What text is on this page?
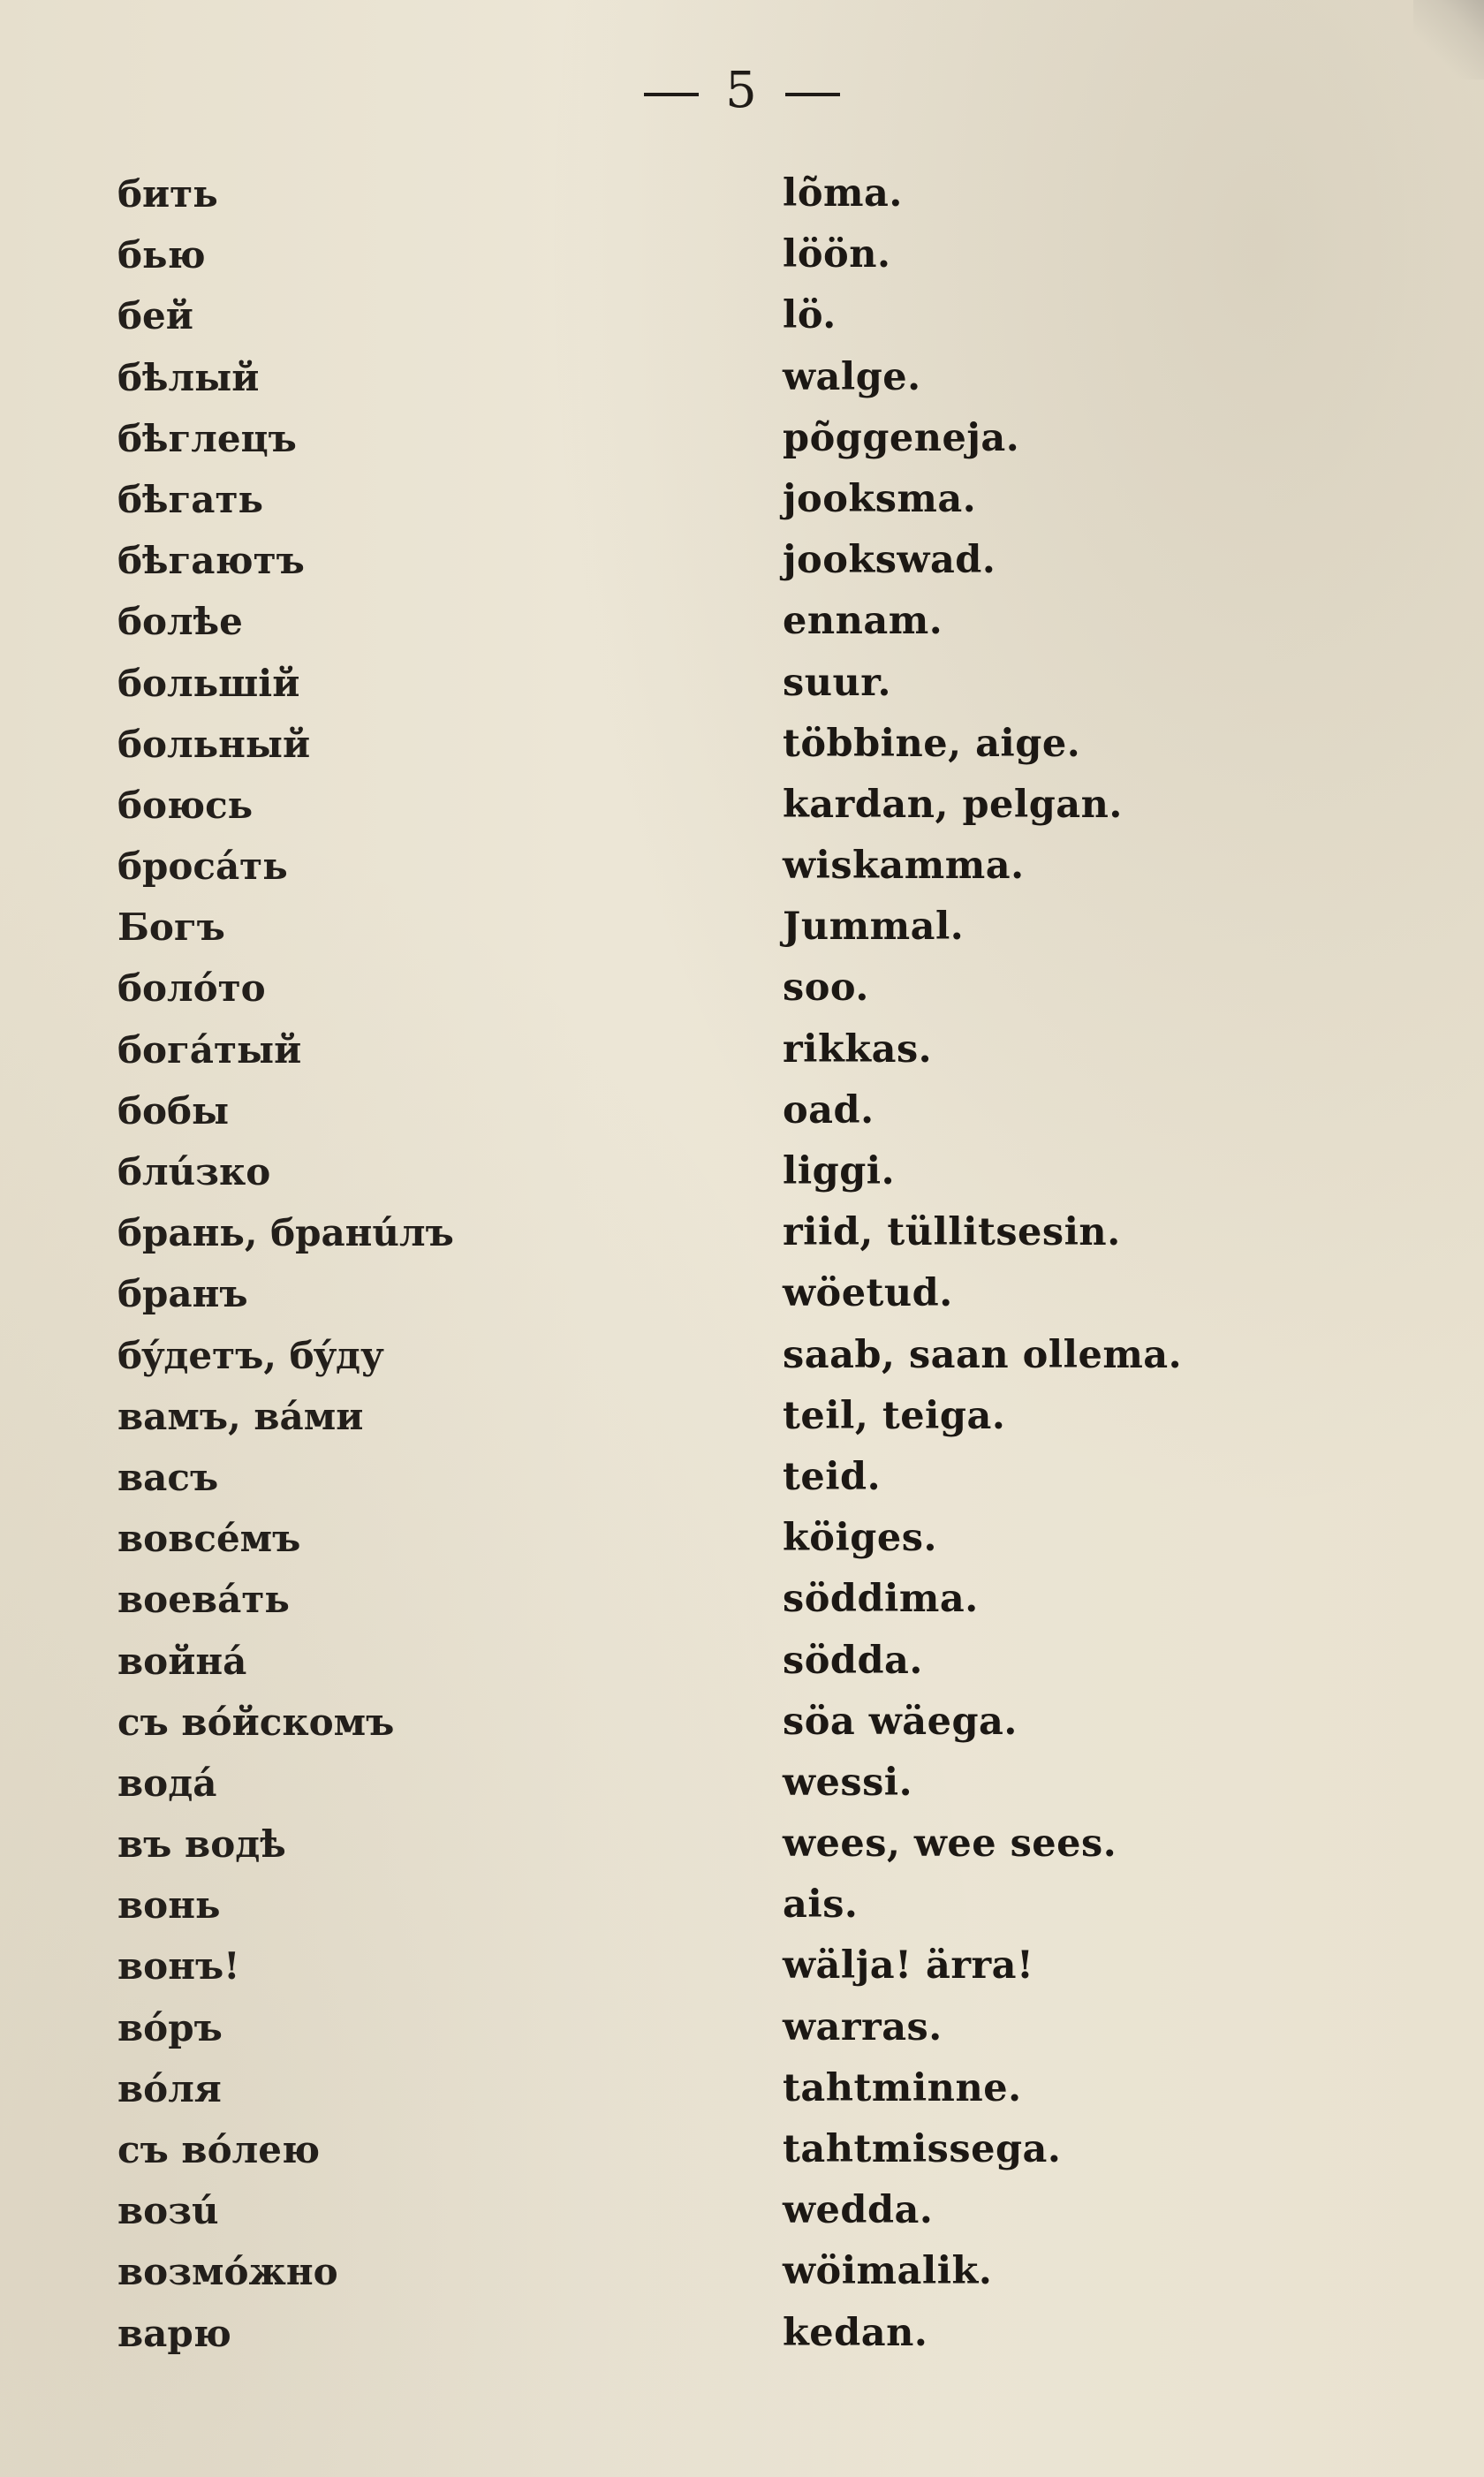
5
бить
бью
бей
бѣлый
бѣглецъ
бѣгать
бѣгаютъ
болѣе
большiй
больный
боюсь
бросáть
Богъ
болóто
богáтый
бобы
блúзко
брань, бранúлъ
бранъ
бýдетъ, бýду
вамъ, вáми
васъ
вовсéмъ
воевáть
войнá
съ вóйскомъ
водá
въ водѣ
вонь
вонъ!
вóръ
вóля
съ вóлею
возú
возмóжно
варю
lõma.
löön.
lö.
walge.
põggeneja.
jooksma.
jookswad.
ennam.
suur.
többine, aige.
kardan, pelgan.
wiskamma.
Jummal.
soo.
rikkas.
oad.
liggi.
riid, tüllitsesin.
wöetud.
saab, saan ollema.
teil, teiga.
teid.
köiges.
söddima.
södda.
söa wäega.
wessi.
wees, wee sees.
ais.
wälja! ärra!
warras.
tahtminne.
tahtmissega.
wedda.
wöimalik.
kedan.
